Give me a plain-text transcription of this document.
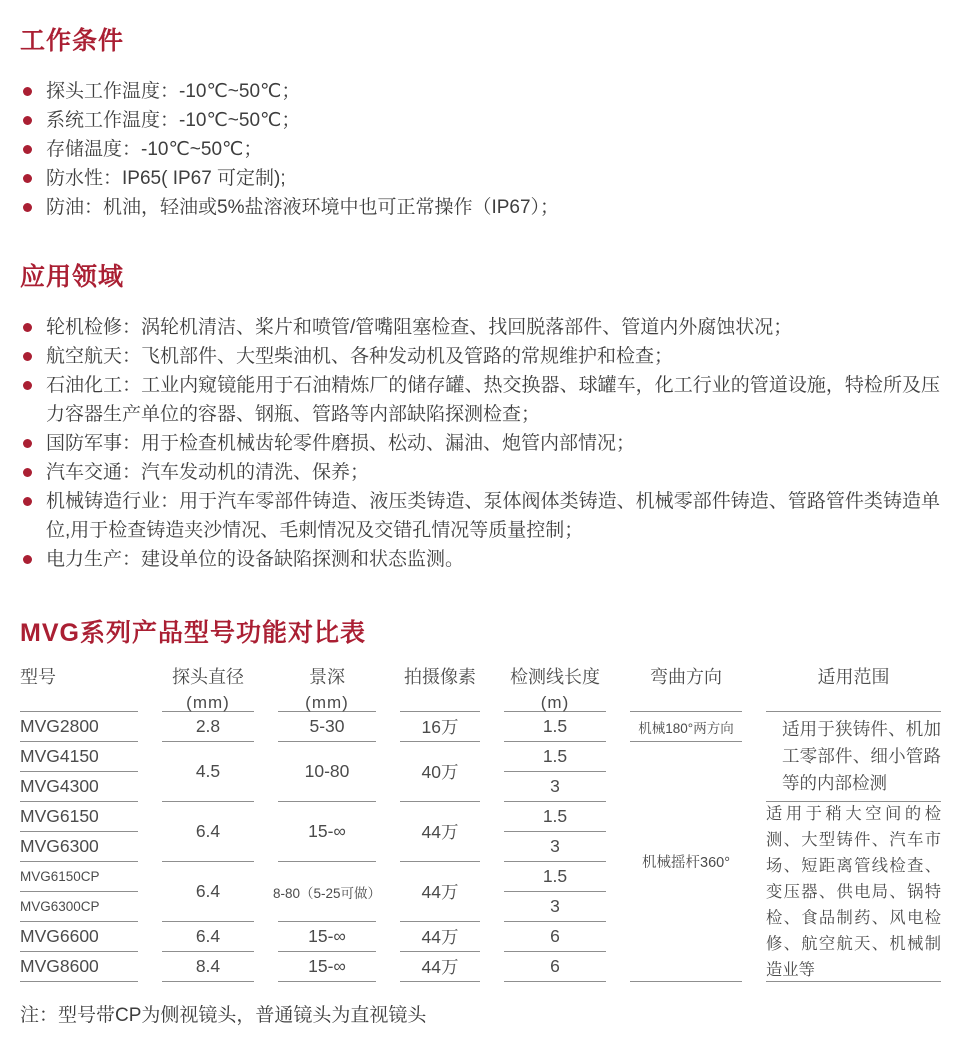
工作条件
探头工作温度：-10℃~50℃；
系统工作温度：-10℃~50℃；
存储温度：-10℃~50℃；
防水性：IP65( IP67 可定制);
防油：机油，轻油或5%盐溶液环境中也可正常操作（IP67）；
应用领域
轮机检修：涡轮机清洁、桨片和喷管/管嘴阻塞检查、找回脱落部件、管道内外腐蚀状况；
航空航天：飞机部件、大型柴油机、各种发动机及管路的常规维护和检查；
石油化工：工业内窥镜能用于石油精炼厂的储存罐、热交换器、球罐车，化工行业的管道设施，特检所及压力容器生产单位的容器、钢瓶、管路等内部缺陷探测检查；
国防军事：用于检查机械齿轮零件磨损、松动、漏油、炮管内部情况；
汽车交通：汽车发动机的清洗、保养；
机械铸造行业：用于汽车零部件铸造、液压类铸造、泵体阀体类铸造、机械零部件铸造、管路管件类铸造单位,用于检查铸造夹沙情况、毛刺情况及交错孔情况等质量控制；
电力生产：建设单位的设备缺陷探测和状态监测。
MVG系列产品型号功能对比表
型号	探头直径
(mm)
景深
(mm)
拍摄像素 检测线长度
(m)
弯曲方向	适用范围
MVG2800
MVG4150
MVG4300
MVG6150
MVG6300
MVG6150CP
MVG6300CP
MVG6600
MVG8600
2.8
4.5
6.4
6.4
6.4
8.4
5-30
10-80
15-∞
8-80（5-25可做）
15-∞
15-∞
16万
40万
44万
44万
44万
44万
1.5
1.5
3
1.5
3
1.5
3
6
6
机械180°两方向
机械摇杆360°
适用于狭铸件、机加工零部件、细小管路等的内部检测
适用于稍大空间的检测、大型铸件、汽车市场、短距离管线检查、变压器、供电局、锅特检、食品制药、风电检修、航空航天、机械制造业等
注：型号带CP为侧视镜头，普通镜头为直视镜头
